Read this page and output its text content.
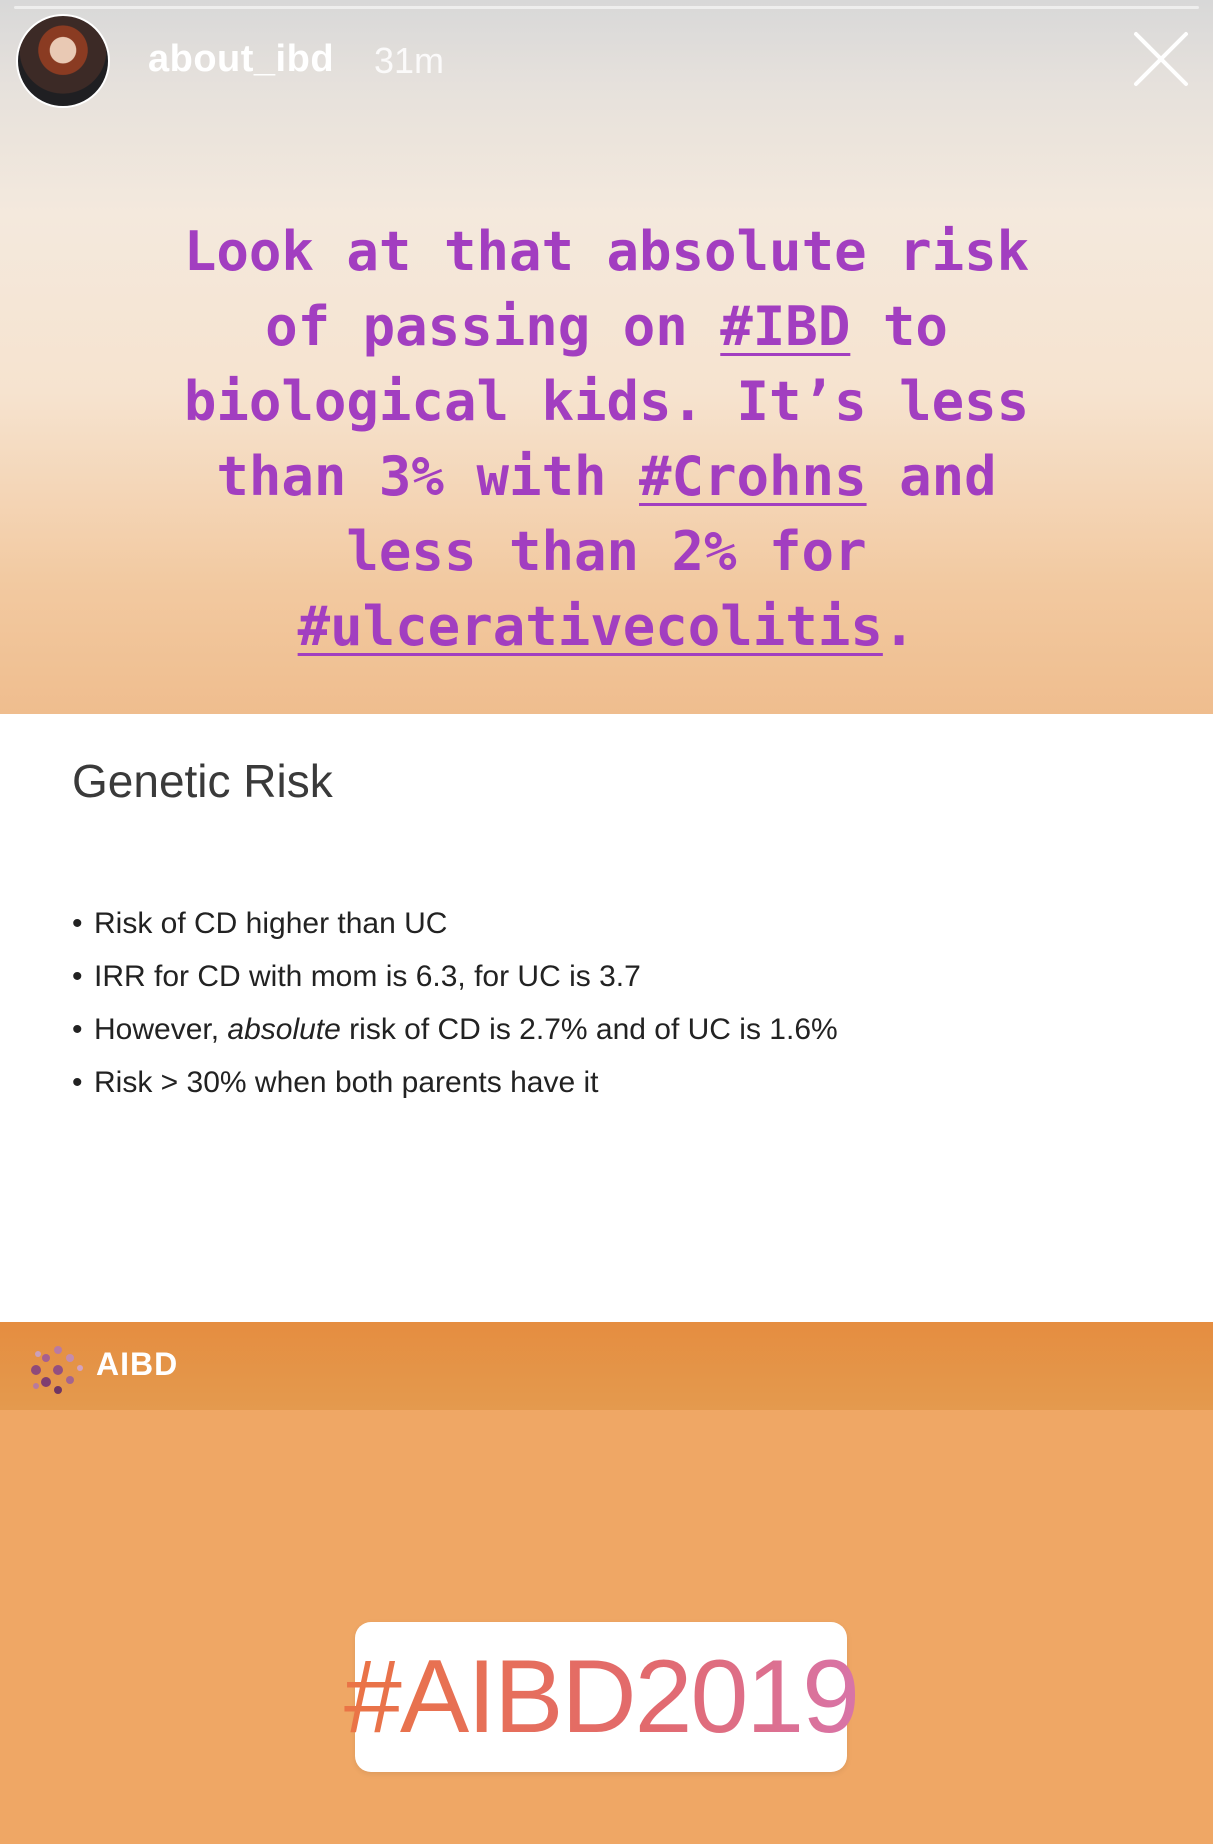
about_ibd 31m
Look at that absolute risk
of passing on #IBD to
biological kids. It’s less
than 3% with #Crohns and
less than 2% for
#ulcerativecolitis.
Genetic Risk
• Risk of CD higher than UC
• IRR for CD with mom is 6.3, for UC is 3.7
• However, absolute risk of CD is 2.7% and of UC is 1.6%
• Risk > 30% when both parents have it
AIBD
#AIBD2019
